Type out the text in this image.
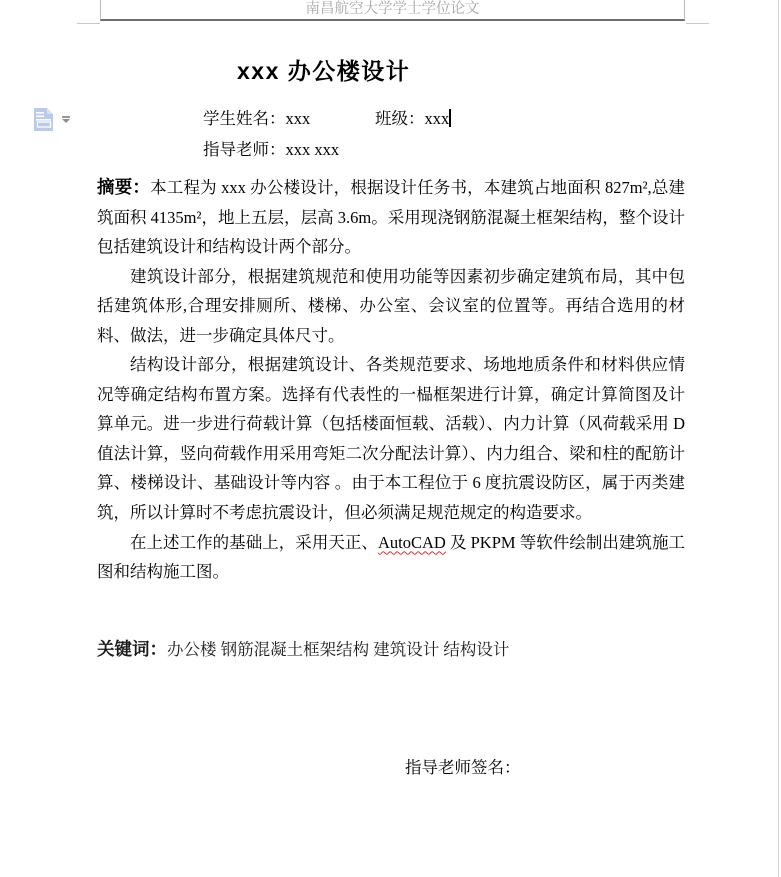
南昌航空大学学士学位论文
xxx 办公楼设计
学生姓名：xxx	班级：xxx
指导老师：xxx xxx

摘要：本工程为 xxx 办公楼设计，根据设计任务书，本建筑占地面积 827m²,总建筑面积 4135m²，地上五层，层高 3.6m。采用现浇钢筋混凝土框架结构，整个设计包括建筑设计和结构设计两个部分。

建筑设计部分，根据建筑规范和使用功能等因素初步确定建筑布局，其中包括建筑体形,合理安排厕所、楼梯、办公室、会议室的位置等。再结合选用的材料、做法，进一步确定具体尺寸。

结构设计部分，根据建筑设计、各类规范要求、场地地质条件和材料供应情况等确定结构布置方案。选择有代表性的一榀框架进行计算，确定计算简图及计算单元。进一步进行荷载计算（包括楼面恒载、活载）、内力计算（风荷载采用 D 值法计算，竖向荷载作用采用弯矩二次分配法计算）、内力组合、梁和柱的配筋计算、楼梯设计、基础设计等内容 。由于本工程位于 6 度抗震设防区，属于丙类建筑，所以计算时不考虑抗震设计，但必须满足规范规定的构造要求。

在上述工作的基础上，采用天正、AutoCAD 及 PKPM 等软件绘制出建筑施工图和结构施工图。

关键词：办公楼 钢筋混凝土框架结构 建筑设计 结构设计
指导老师签名：
